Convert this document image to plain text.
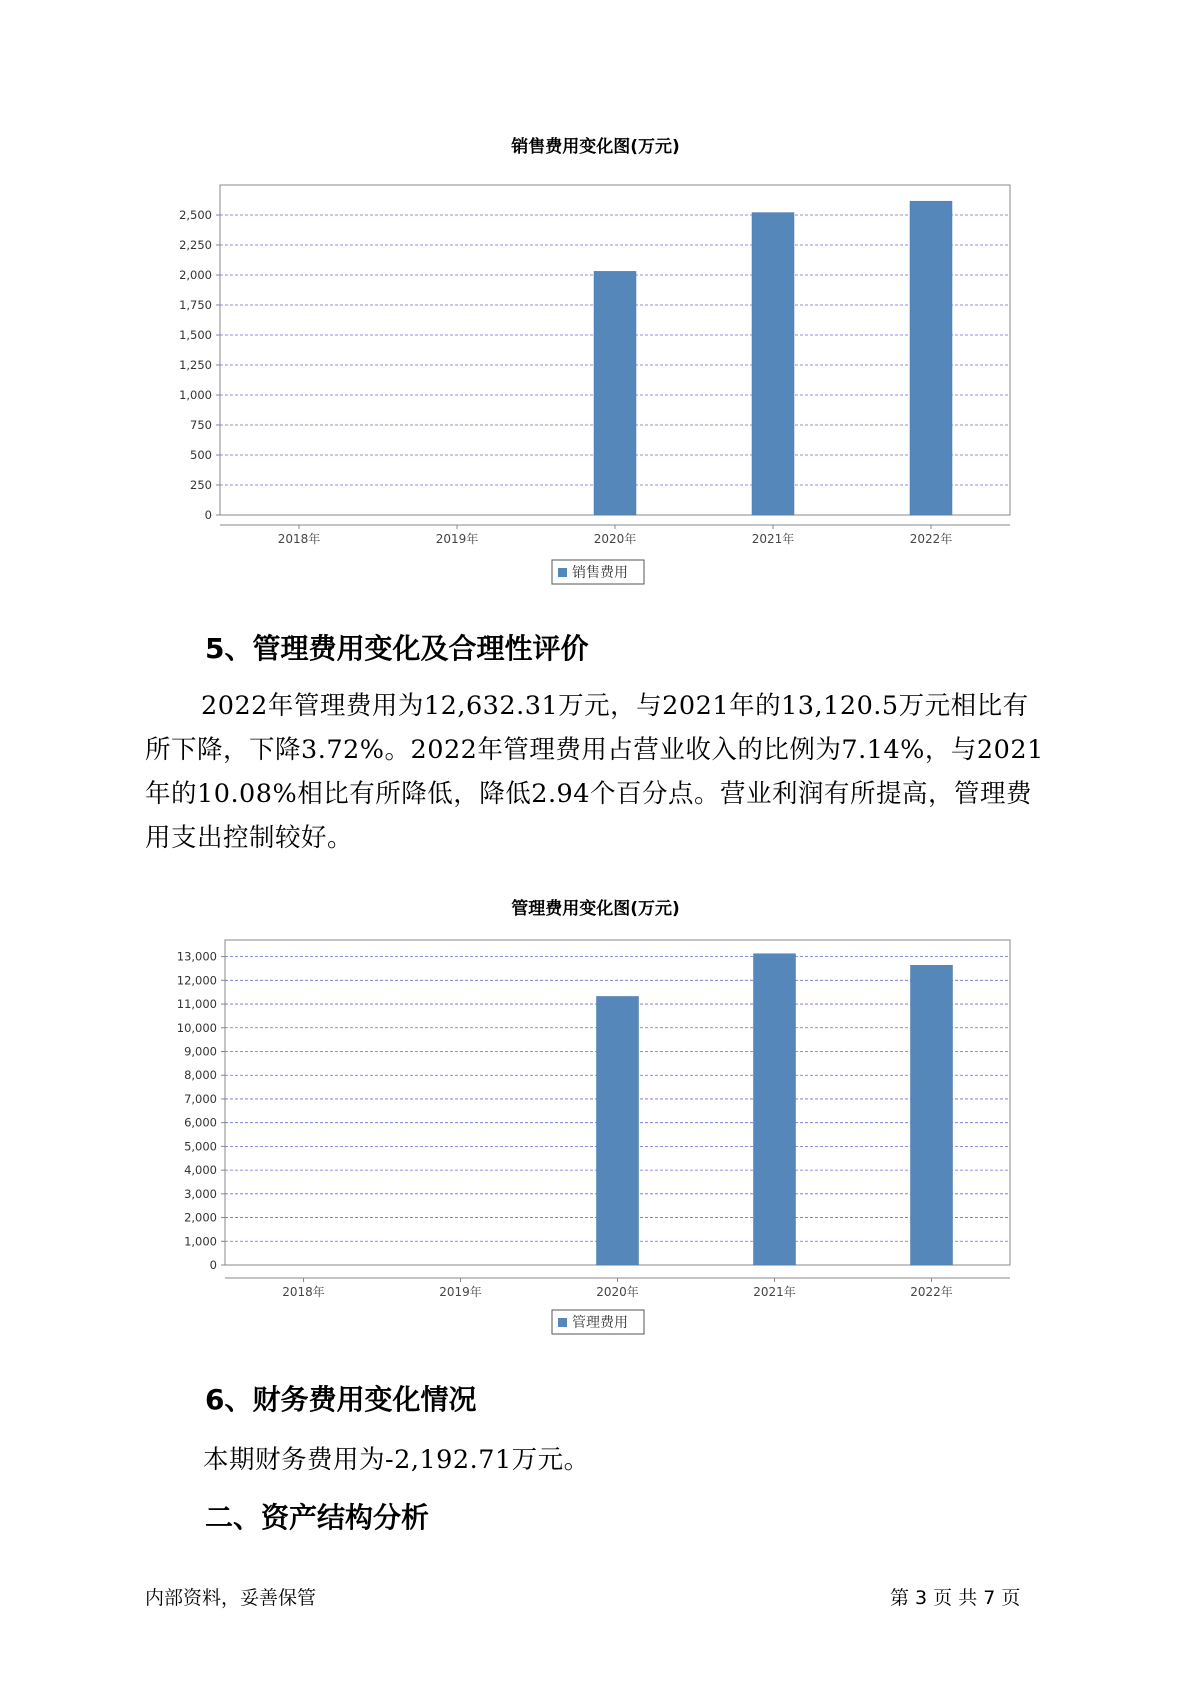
销售费用变化图(万元)
0
250
500
750
1,000
1,250
1,500
1,750
2,000
2,250
2,500
2018年	2019年	2020年	2021年	2022年
销售费用
5、管理费用变化及合理性评价
2022年管理费用为12,632.31万元，与2021年的13,120.5万元相比有所下降，下降3.72%。2022年管理费用占营业收入的比例为7.14%，与2021年的10.08%相比有所降低，降低2.94个百分点。营业利润有所提高，管理费用支出控制较好。
管理费用变化图(万元)
0
1,000
2,000
3,000
4,000
5,000
6,000
7,000
8,000
9,000
10,000
11,000
12,000
13,000
2018年	2019年	2020年	2021年	2022年
管理费用
6、财务费用变化情况
本期财务费用为-2,192.71万元。
二、资产结构分析
内部资料，妥善保管	第 3 页 共 7 页
